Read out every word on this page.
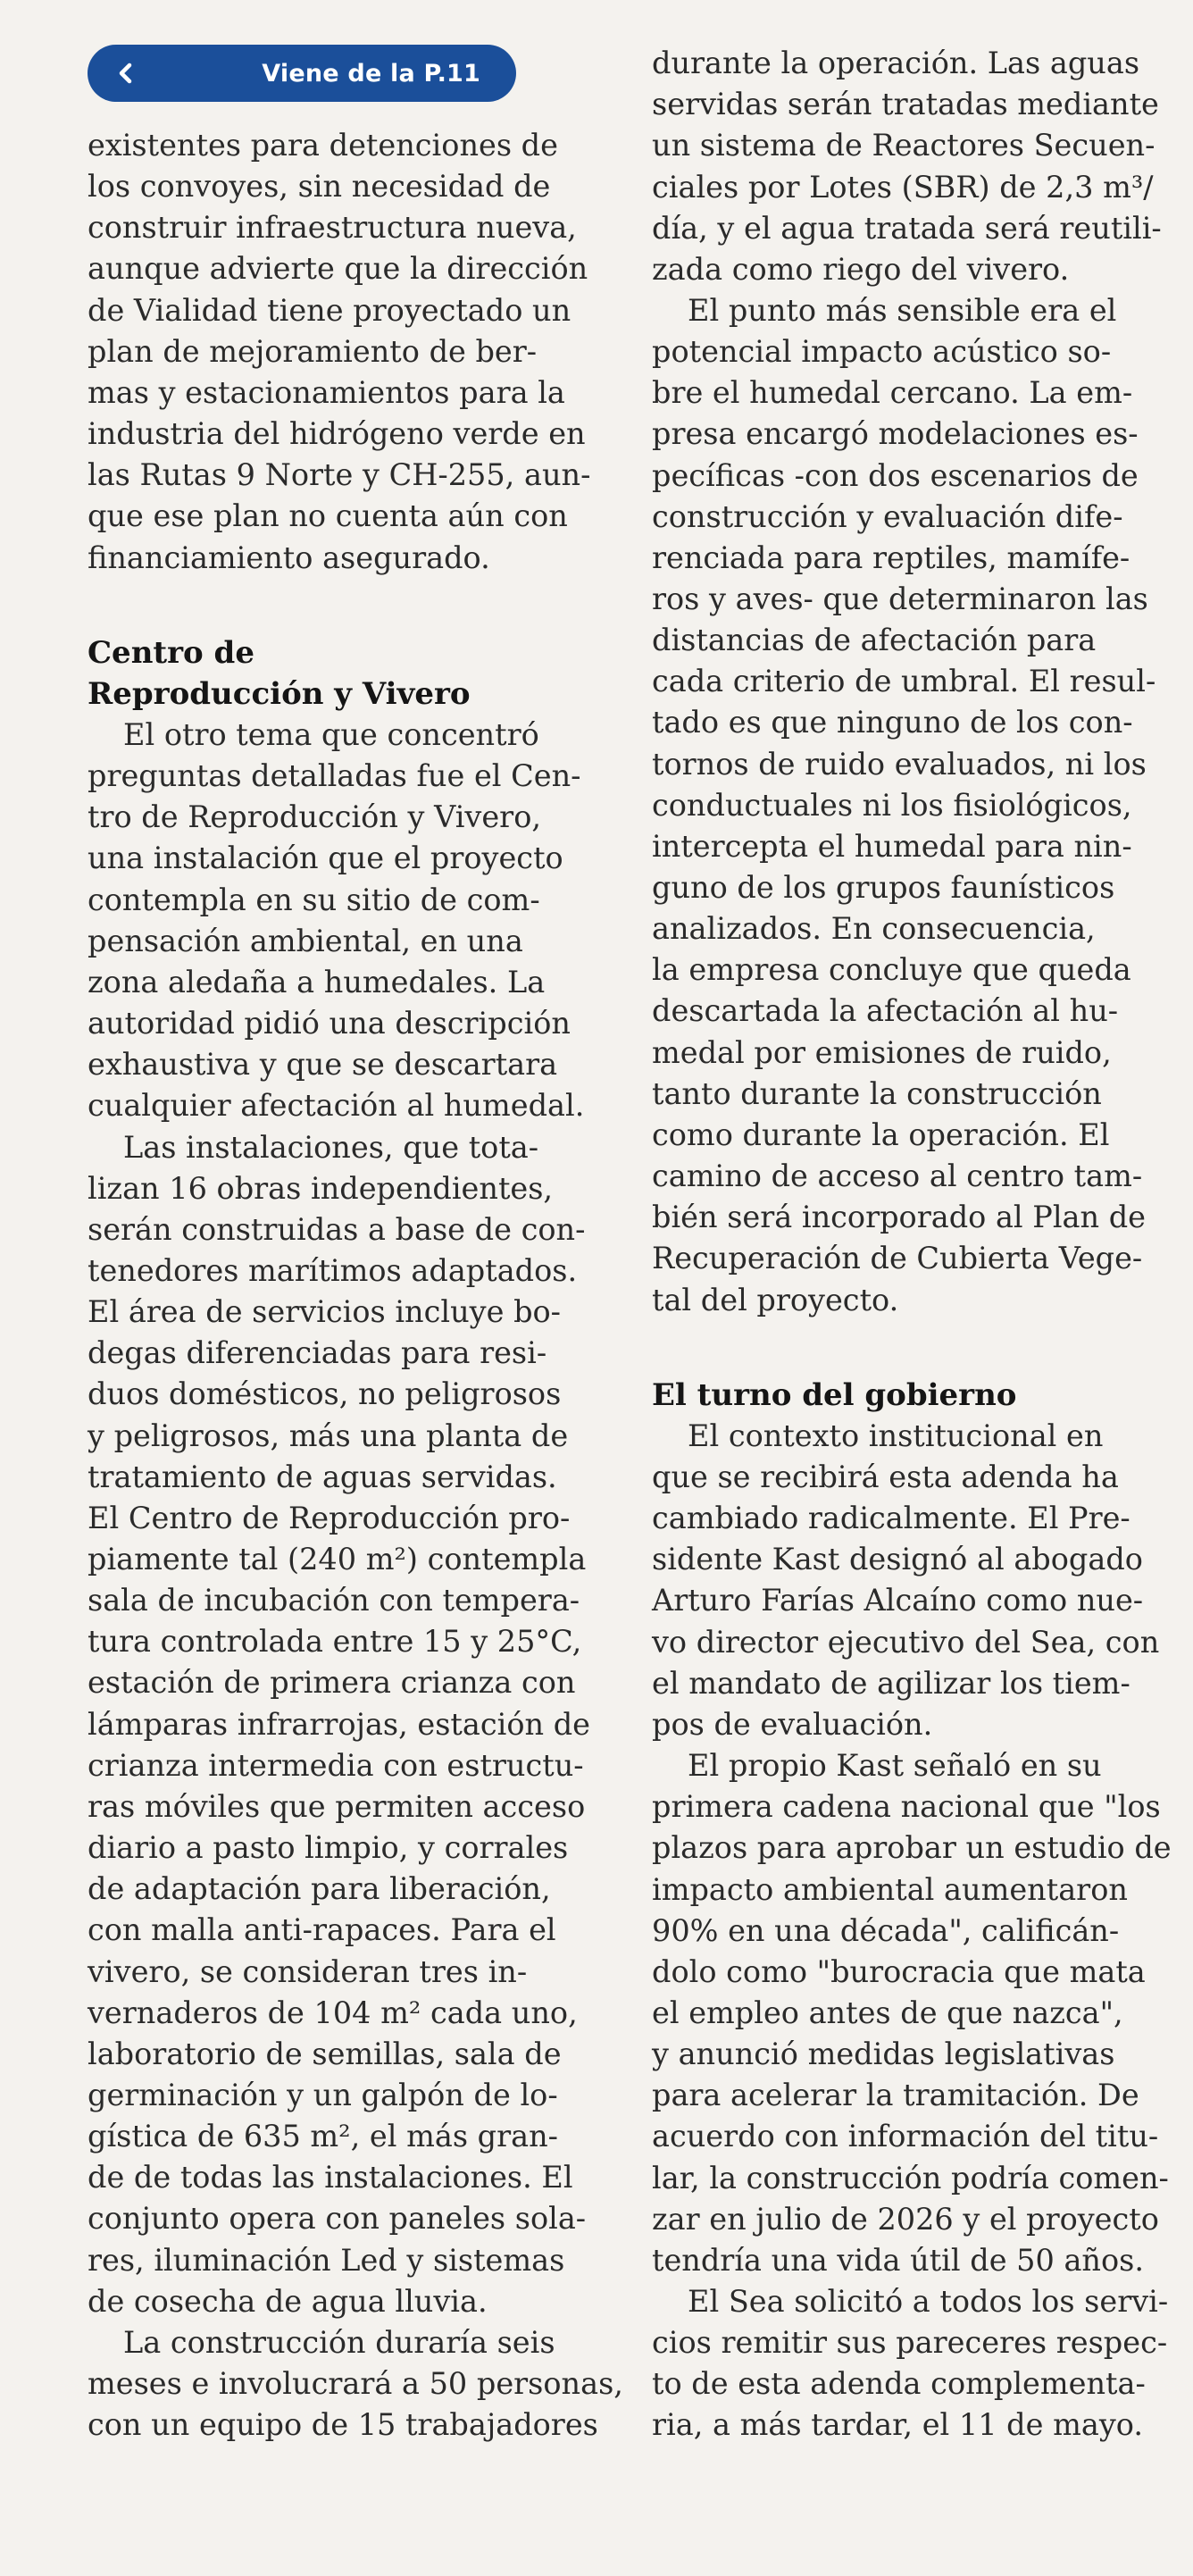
Viene de la P.11
existentes para detenciones de
los convoyes, sin necesidad de
construir infraestructura nueva,
aunque advierte que la dirección
de Vialidad tiene proyectado un
plan de mejoramiento de ber-
mas y estacionamientos para la
industria del hidrógeno verde en
las Rutas 9 Norte y CH-255, aun-
que ese plan no cuenta aún con
financiamiento asegurado.
Centro de
Reproducción y Vivero
El otro tema que concentró
preguntas detalladas fue el Cen-
tro de Reproducción y Vivero,
una instalación que el proyecto
contempla en su sitio de com-
pensación ambiental, en una
zona aledaña a humedales. La
autoridad pidió una descripción
exhaustiva y que se descartara
cualquier afectación al humedal.
Las instalaciones, que tota-
lizan 16 obras independientes,
serán construidas a base de con-
tenedores marítimos adaptados.
El área de servicios incluye bo-
degas diferenciadas para resi-
duos domésticos, no peligrosos
y peligrosos, más una planta de
tratamiento de aguas servidas.
El Centro de Reproducción pro-
piamente tal (240 m²) contempla
sala de incubación con tempera-
tura controlada entre 15 y 25°C,
estación de primera crianza con
lámparas infrarrojas, estación de
crianza intermedia con estructu-
ras móviles que permiten acceso
diario a pasto limpio, y corrales
de adaptación para liberación,
con malla anti-rapaces. Para el
vivero, se consideran tres in-
vernaderos de 104 m² cada uno,
laboratorio de semillas, sala de
germinación y un galpón de lo-
gística de 635 m², el más gran-
de de todas las instalaciones. El
conjunto opera con paneles sola-
res, iluminación Led y sistemas
de cosecha de agua lluvia.
La construcción duraría seis
meses e involucrará a 50 personas,
con un equipo de 15 trabajadores
durante la operación. Las aguas
servidas serán tratadas mediante
un sistema de Reactores Secuen-
ciales por Lotes (SBR) de 2,3 m³/
día, y el agua tratada será reutili-
zada como riego del vivero.
El punto más sensible era el
potencial impacto acústico so-
bre el humedal cercano. La em-
presa encargó modelaciones es-
pecíficas -con dos escenarios de
construcción y evaluación dife-
renciada para reptiles, mamífe-
ros y aves- que determinaron las
distancias de afectación para
cada criterio de umbral. El resul-
tado es que ninguno de los con-
tornos de ruido evaluados, ni los
conductuales ni los fisiológicos,
intercepta el humedal para nin-
guno de los grupos faunísticos
analizados. En consecuencia,
la empresa concluye que queda
descartada la afectación al hu-
medal por emisiones de ruido,
tanto durante la construcción
como durante la operación. El
camino de acceso al centro tam-
bién será incorporado al Plan de
Recuperación de Cubierta Vege-
tal del proyecto.
El turno del gobierno
El contexto institucional en
que se recibirá esta adenda ha
cambiado radicalmente. El Pre-
sidente Kast designó al abogado
Arturo Farías Alcaíno como nue-
vo director ejecutivo del Sea, con
el mandato de agilizar los tiem-
pos de evaluación.
El propio Kast señaló en su
primera cadena nacional que "los
plazos para aprobar un estudio de
impacto ambiental aumentaron
90% en una década", calificán-
dolo como "burocracia que mata
el empleo antes de que nazca",
y anunció medidas legislativas
para acelerar la tramitación. De
acuerdo con información del titu-
lar, la construcción podría comen-
zar en julio de 2026 y el proyecto
tendría una vida útil de 50 años.
El Sea solicitó a todos los servi-
cios remitir sus pareceres respec-
to de esta adenda complementa-
ria, a más tardar, el 11 de mayo.
